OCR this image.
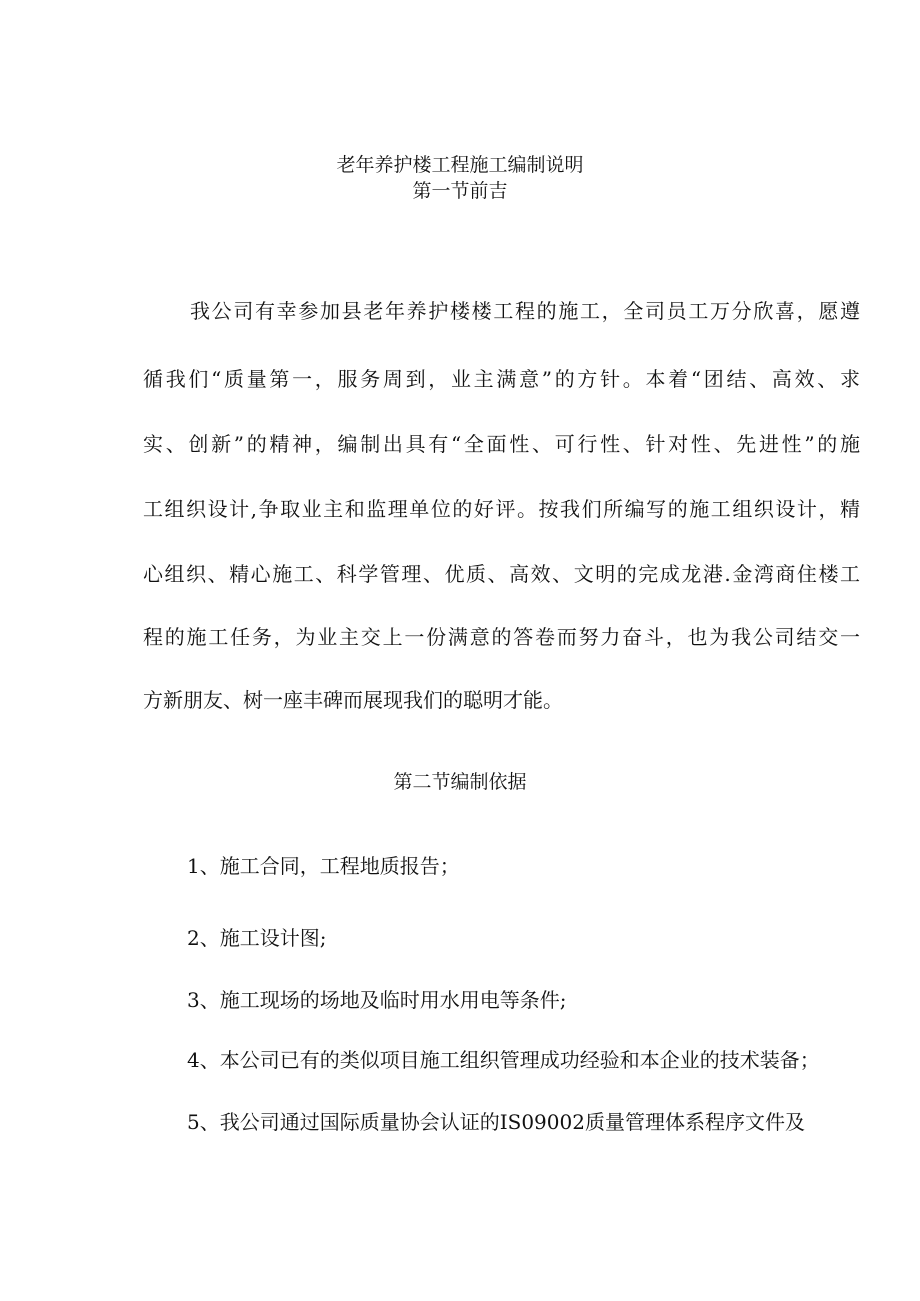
老年养护楼工程施工编制说明
第一节前吉
我公司有幸参加县老年养护楼楼工程的施工，全司员工万分欣喜，愿遵
循我们“质量第一，服务周到，业主满意”的方针。本着“团结、高效、求
实、创新”的精神，编制出具有“全面性、可行性、针对性、先进性”的施
工组织设计,争取业主和监理单位的好评。按我们所编写的施工组织设计，精
心组织、精心施工、科学管理、优质、高效、文明的完成龙港.金湾商住楼工
程的施工任务，为业主交上一份满意的答卷而努力奋斗，也为我公司结交一
方新朋友、树一座丰碑而展现我们的聪明才能。
第二节编制依据
1、施工合同，工程地质报告；
2、施工设计图;
3、施工现场的场地及临时用水用电等条件;
4、本公司已有的类似项目施工组织管理成功经验和本企业的技术装备；
5、我公司通过国际质量协会认证的IS09002质量管理体系程序文件及
